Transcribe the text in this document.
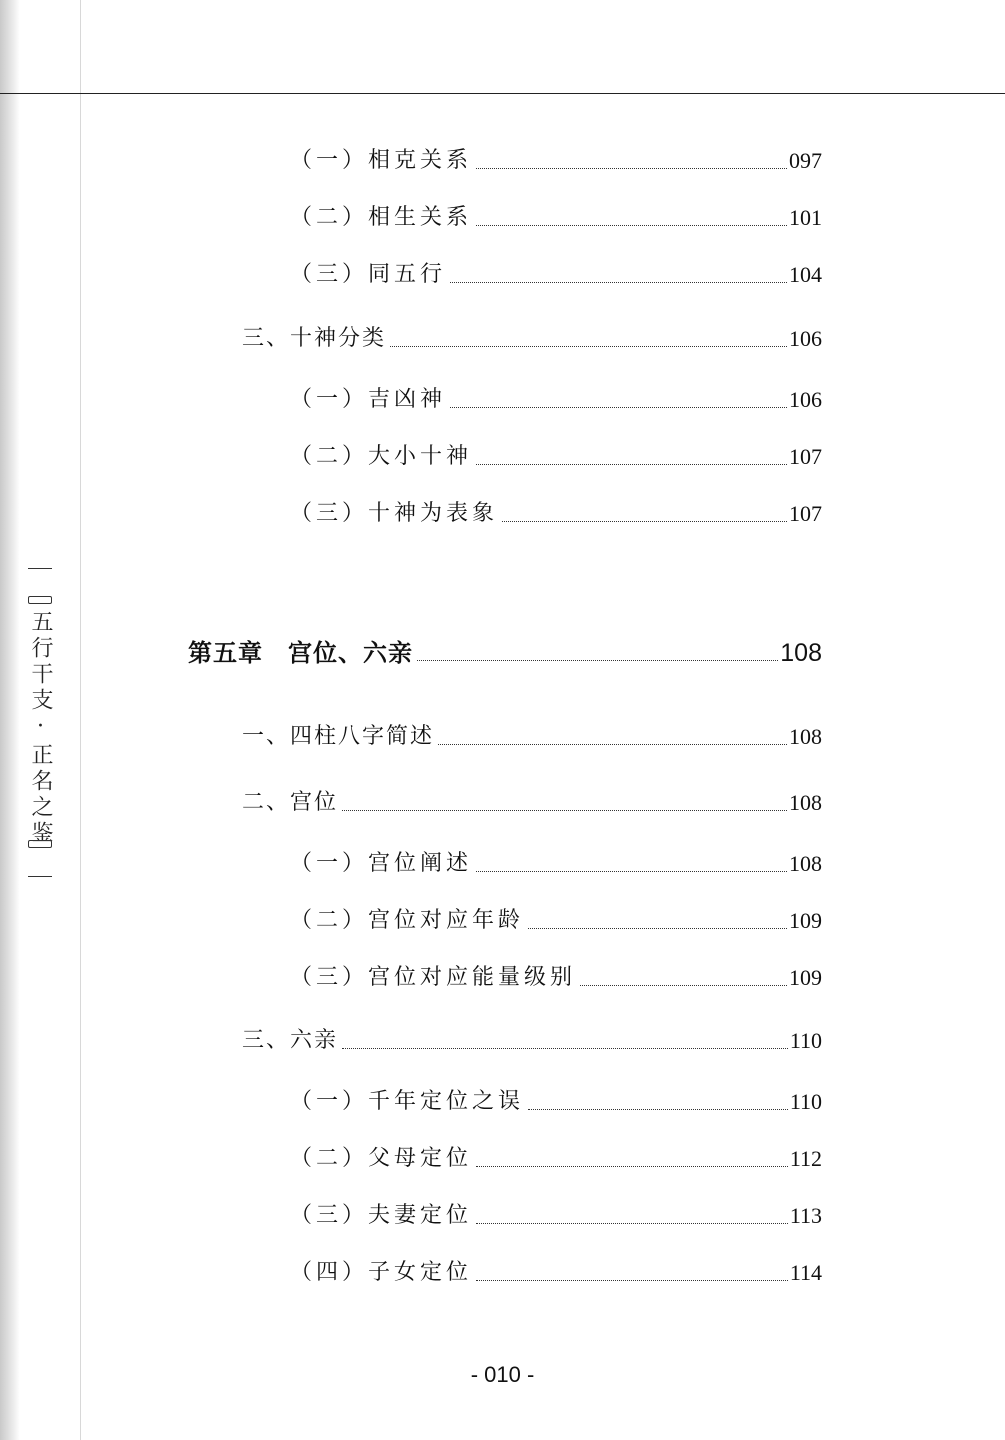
五行干支·正名之鉴
（一）相克关系	097
（二）相生关系	101
（三）同五行	104
三、十神分类	106
（一）吉凶神	106
（二）大小十神	107
（三）十神为表象	107
第五章　宫位、六亲	108
一、四柱八字简述	108
二、宫位	108
（一）宫位阐述	108
（二）宫位对应年龄	109
（三）宫位对应能量级别	109
三、六亲	110
（一）千年定位之误	110
（二）父母定位	112
（三）夫妻定位	113
（四）子女定位	114
- 010 -
